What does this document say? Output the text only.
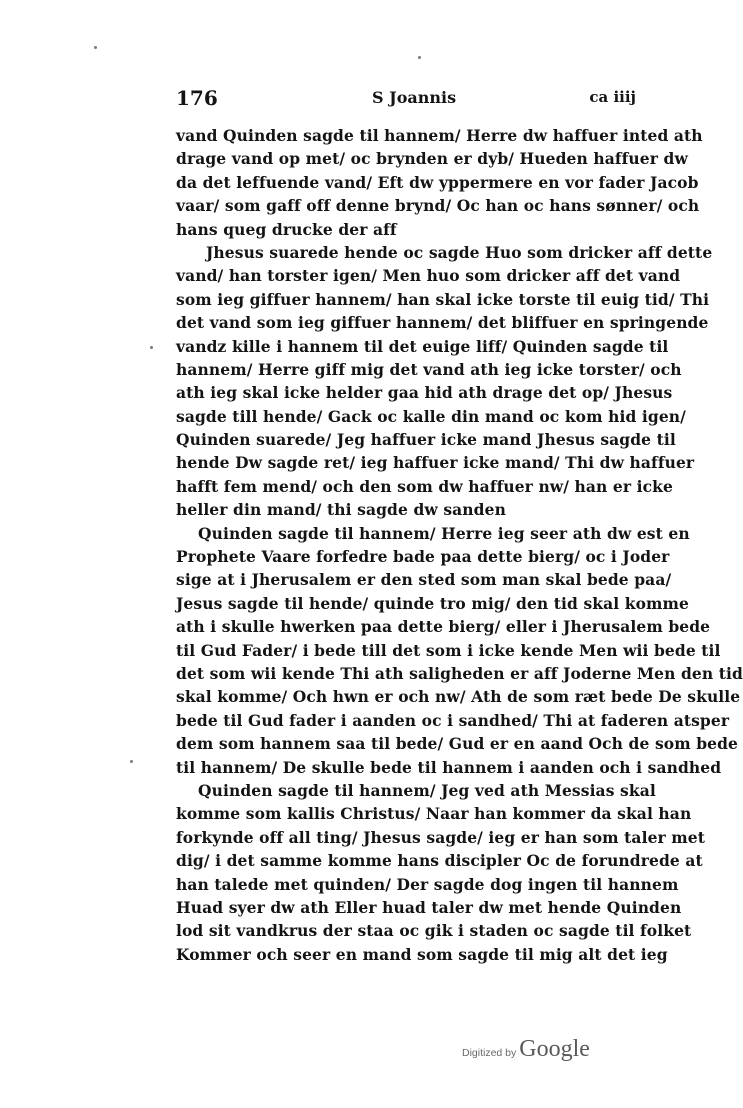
176	S Joannis	ca iiij
vand Quinden sagde til hannem/ Herre dw haffuer inted ath
drage vand op met/ oc brynden er dyb/ Hueden haffuer dw
da det leffuende vand/ Eft dw yppermere en vor fader Jacob
vaar/ som gaff off denne brynd/ Oc han oc hans sønner/ och
hans queg drucke der aff
Jhesus suarede hende oc sagde Huo som dricker aff dette
vand/ han torster igen/ Men huo som dricker aff det vand
som ieg giffuer hannem/ han skal icke torste til euig tid/ Thi
det vand som ieg giffuer hannem/ det bliffuer en springende
vandz kille i hannem til det euige liff/ Quinden sagde til
hannem/ Herre giff mig det vand ath ieg icke torster/ och
ath ieg skal icke helder gaa hid ath drage det op/ Jhesus
sagde till hende/ Gack oc kalle din mand oc kom hid igen/
Quinden suarede/ Jeg haffuer icke mand Jhesus sagde til
hende Dw sagde ret/ ieg haffuer icke mand/ Thi dw haffuer
hafft fem mend/ och den som dw haffuer nw/ han er icke
heller din mand/ thi sagde dw sanden
Quinden sagde til hannem/ Herre ieg seer ath dw est en
Prophete Vaare forfedre bade paa dette bierg/ oc i Joder
sige at i Jherusalem er den sted som man skal bede paa/
Jesus sagde til hende/ quinde tro mig/ den tid skal komme
ath i skulle hwerken paa dette bierg/ eller i Jherusalem bede
til Gud Fader/ i bede till det som i icke kende Men wii bede til
det som wii kende Thi ath saligheden er aff Joderne Men den tid
skal komme/ Och hwn er och nw/ Ath de som ræt bede De skulle
bede til Gud fader i aanden oc i sandhed/ Thi at faderen atsper
dem som hannem saa til bede/ Gud er en aand Och de som bede
til hannem/ De skulle bede til hannem i aanden och i sandhed
Quinden sagde til hannem/ Jeg ved ath Messias skal
komme som kallis Christus/ Naar han kommer da skal han
forkynde off all ting/ Jhesus sagde/ ieg er han som taler met
dig/ i det samme komme hans discipler Oc de forundrede at
han talede met quinden/ Der sagde dog ingen til hannem
Huad syer dw ath Eller huad taler dw met hende Quinden
lod sit vandkrus der staa oc gik i staden oc sagde til folket
Kommer och seer en mand som sagde til mig alt det ieg
Digitized by Google
